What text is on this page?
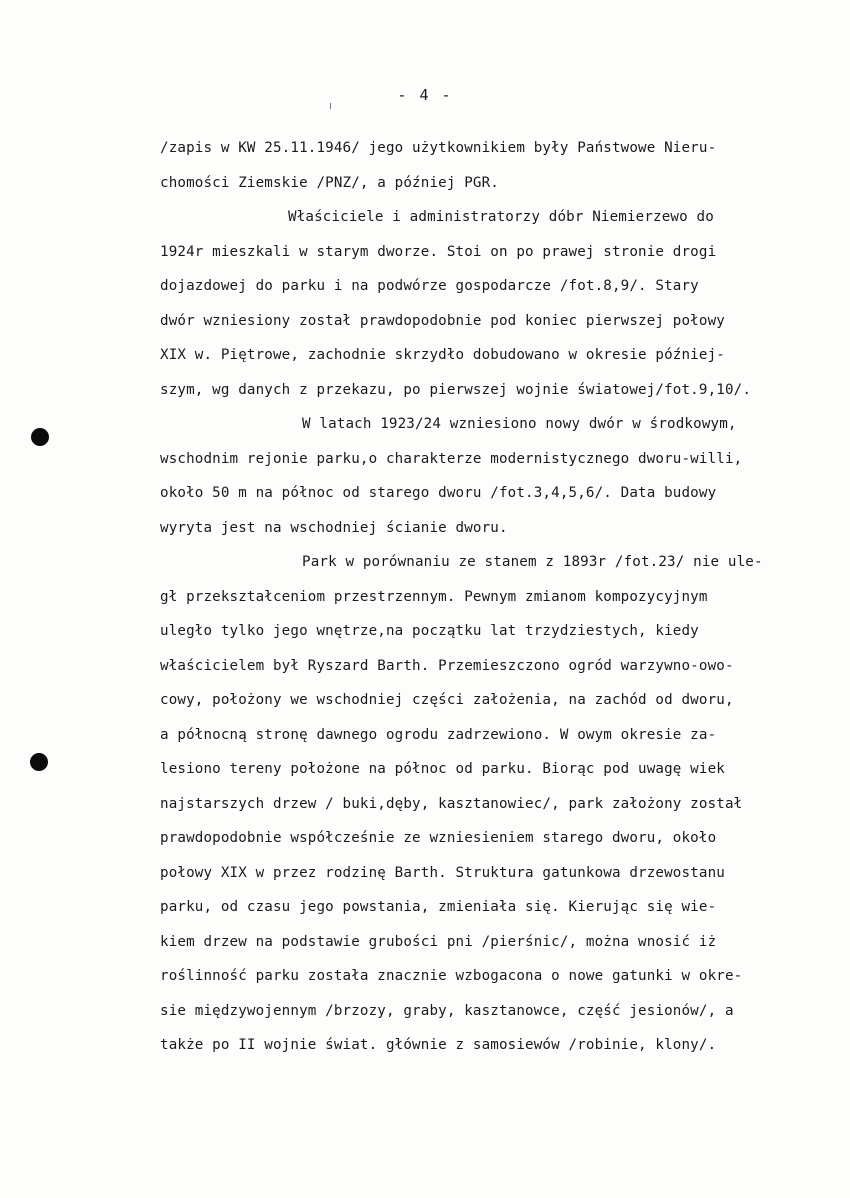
- 4 -
/zapis w KW 25.11.1946/ jego użytkownikiem były Państwowe Nieru-
chomości Ziemskie /PNZ/, a później PGR.
Właściciele i administratorzy dóbr Niemierzewo do
1924r mieszkali w starym dworze. Stoi on po prawej stronie drogi
dojazdowej do parku i na podwórze gospodarcze /fot.8,9/. Stary
dwór wzniesiony został prawdopodobnie pod koniec pierwszej połowy
XIX w. Piętrowe, zachodnie skrzydło dobudowano w okresie później-
szym, wg danych z przekazu, po pierwszej wojnie światowej/fot.9,10/.
W latach 1923/24 wzniesiono nowy dwór w środkowym,
wschodnim rejonie parku,o charakterze modernistycznego dworu-willi,
około 50 m na północ od starego dworu /fot.3,4,5,6/. Data budowy
wyryta jest na wschodniej ścianie dworu.
Park w porównaniu ze stanem z 1893r /fot.23/ nie ule-
gł przekształceniom przestrzennym. Pewnym zmianom kompozycyjnym
uległo tylko jego wnętrze,na początku lat trzydziestych, kiedy
właścicielem był Ryszard Barth. Przemieszczono ogród warzywno-owo-
cowy, położony we wschodniej części założenia, na zachód od dworu,
a północną stronę dawnego ogrodu zadrzewiono. W owym okresie za-
lesiono tereny położone na północ od parku. Biorąc pod uwagę wiek
najstarszych drzew / buki,dęby, kasztanowiec/, park założony został
prawdopodobnie współcześnie ze wzniesieniem starego dworu, około
połowy XIX w przez rodzinę Barth. Struktura gatunkowa drzewostanu
parku, od czasu jego powstania, zmieniała się. Kierując się wie-
kiem drzew na podstawie grubości pni /pierśnic/, można wnosić iż
roślinność parku została znacznie wzbogacona o nowe gatunki w okre-
sie międzywojennym /brzozy, graby, kasztanowce, część jesionów/, a
także po II wojnie świat. głównie z samosiewów /robinie, klony/.
